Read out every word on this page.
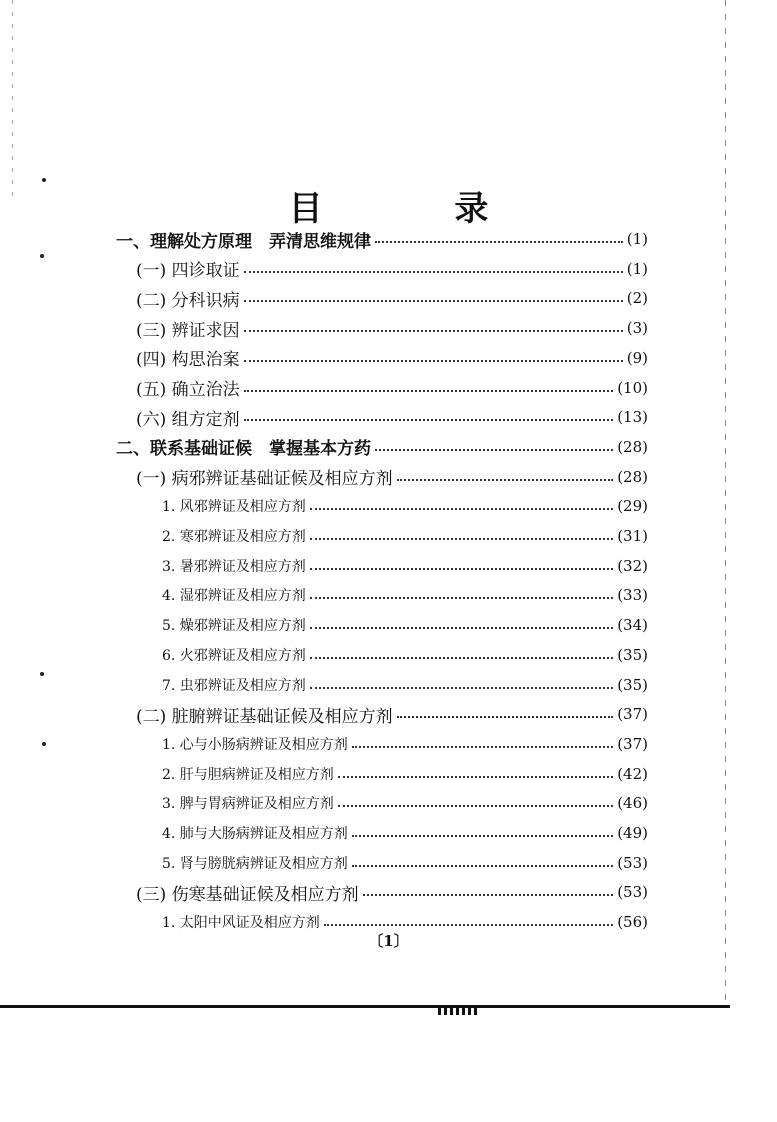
目 录
一、理解处方原理　弄清思维规律	(1)
(一) 四诊取证	(1)
(二) 分科识病	(2)
(三) 辨证求因	(3)
(四) 构思治案	(9)
(五) 确立治法	(10)
(六) 组方定剂	(13)
二、联系基础证候　掌握基本方药	(28)
(一) 病邪辨证基础证候及相应方剂	(28)
1. 风邪辨证及相应方剂	(29)
2. 寒邪辨证及相应方剂	(31)
3. 暑邪辨证及相应方剂	(32)
4. 湿邪辨证及相应方剂	(33)
5. 燥邪辨证及相应方剂	(34)
6. 火邪辨证及相应方剂	(35)
7. 虫邪辨证及相应方剂	(35)
(二) 脏腑辨证基础证候及相应方剂	(37)
1. 心与小肠病辨证及相应方剂	(37)
2. 肝与胆病辨证及相应方剂	(42)
3. 脾与胃病辨证及相应方剂	(46)
4. 肺与大肠病辨证及相应方剂	(49)
5. 肾与膀胱病辨证及相应方剂	(53)
(三) 伤寒基础证候及相应方剂	(53)
1. 太阳中风证及相应方剂	(56)
〔1〕
